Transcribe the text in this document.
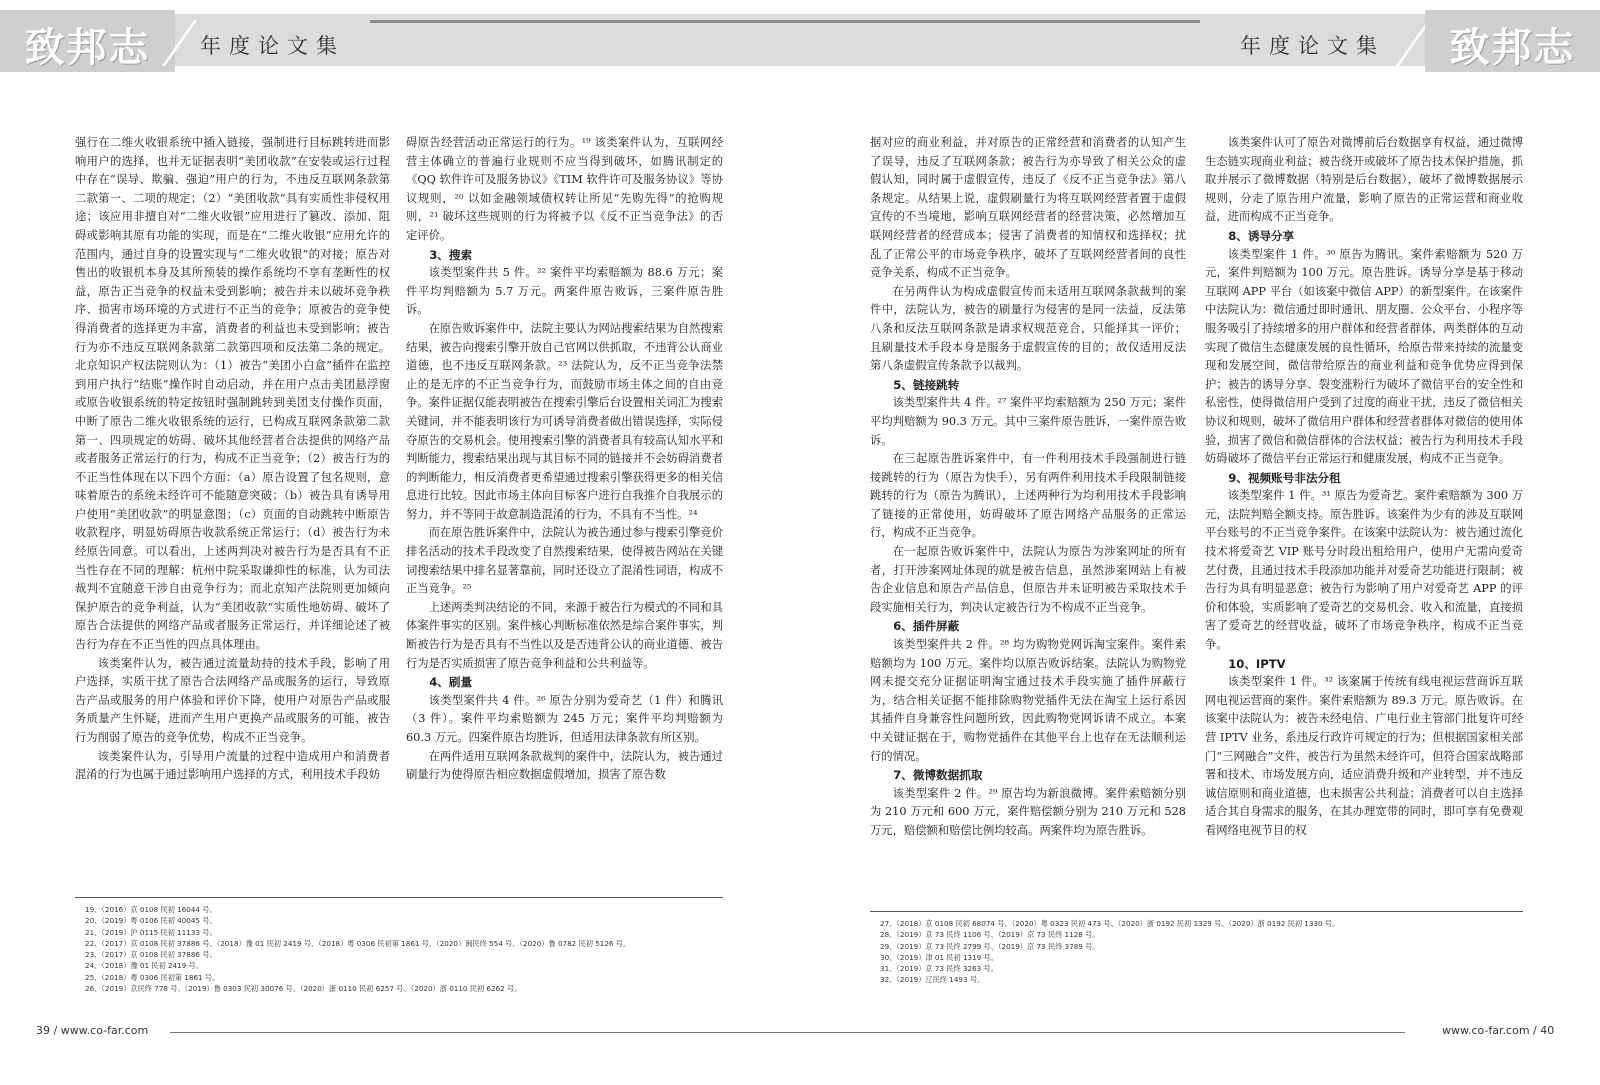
致邦志	年度论文集	年度论文集	致邦志

强行在二维火收银系统中插入链接，强制进行目标跳转进而影响用户的选择，也并无证据表明“美团收款”在安装或运行过程中存在“误导、欺骗、强迫”用户的行为，不违反互联网条款第二款第一、二项的规定；（2）“美团收款”具有实质性非侵权用途；该应用非擅自对“二维火收银”应用进行了篡改、添加、阻碍或影响其原有功能的实现，而是在“二维火收银”应用允许的范围内，通过自身的设置实现与“二维火收银”的对接；原告对售出的收银机本身及其所预装的操作系统均不享有垄断性的权益，原告正当竞争的权益未受到影响；被告并未以破坏竞争秩序、损害市场环境的方式进行不正当的竞争；原被告的竞争使得消费者的选择更为丰富，消费者的利益也未受到影响；被告行为亦不违反互联网条款第二款第四项和反法第二条的规定。北京知识产权法院则认为：（1）被告“美团小白盒”插件在监控到用户执行“结账”操作时自动启动，并在用户点击美团悬浮窗或原告收银系统的特定按钮时强制跳转到美团支付操作页面，中断了原告二维火收银系统的运行，已构成互联网条款第二款第一、四项规定的妨碍、破坏其他经营者合法提供的网络产品或者服务正常运行的行为，构成不正当竞争；（2）被告行为的不正当性体现在以下四个方面：（a）原告设置了包名规则，意味着原告的系统未经许可不能随意突破；（b）被告具有诱导用户使用“美团收款”的明显意图；（c）页面的自动跳转中断原告收款程序，明显妨碍原告收款系统正常运行；（d）被告行为未经原告同意。可以看出，上述两判决对被告行为是否具有不正当性存在不同的理解：杭州中院采取谦抑性的标准，认为司法裁判不宜随意干涉自由竞争行为；而北京知产法院则更加倾向保护原告的竞争利益，认为“美团收款”实质性地妨碍、破坏了原告合法提供的网络产品或者服务正常运行，并详细论述了被告行为存在不正当性的四点具体理由。

该类案件认为，被告通过流量劫持的技术手段，影响了用户选择，实质干扰了原告合法网络产品或服务的运行，导致原告产品或服务的用户体验和评价下降，使用户对原告产品或服务质量产生怀疑，进而产生用户更换产品或服务的可能，被告行为削弱了原告的竞争优势，构成不正当竞争。

该类案件认为，引导用户流量的过程中造成用户和消费者混淆的行为也属于通过影响用户选择的方式，利用技术手段妨

碍原告经营活动正常运行的行为。¹⁹ 该类案件认为，互联网经营主体确立的普遍行业规则不应当得到破坏，如腾讯制定的《QQ 软件许可及服务协议》《TIM 软件许可及服务协议》等协议规则，²⁰ 以如金融领域债权转让所见“先购先得”的抢购规则，²¹ 破坏这些规则的行为将被予以《反不正当竞争法》的否定评价。

3、搜索

该类型案件共 5 件。²² 案件平均索赔额为 88.6 万元；案件平均判赔额为 5.7 万元。两案件原告败诉，三案件原告胜诉。

在原告败诉案件中，法院主要认为网站搜索结果为自然搜索结果，被告向搜索引擎开放自己官网以供抓取，不违背公认商业道德，也不违反互联网条款。²³ 法院认为，反不正当竞争法禁止的是无序的不正当竞争行为，而鼓励市场主体之间的自由竞争。案件证据仅能表明被告在搜索引擎后台设置相关词汇为搜索关键词，并不能表明该行为可诱导消费者做出错误选择，实际侵夺原告的交易机会。使用搜索引擎的消费者具有较高认知水平和判断能力，搜索结果出现与其目标不同的链接并不会妨碍消费者的判断能力，相反消费者更希望通过搜索引擎获得更多的相关信息进行比较。因此市场主体向目标客户进行自我推介自我展示的努力，并不等同于故意制造混淆的行为，不具有不当性。²⁴

而在原告胜诉案件中，法院认为被告通过参与搜索引擎竞价排名活动的技术手段改变了自然搜索结果，使得被告网站在关键词搜索结果中排名显著靠前，同时还设立了混淆性词语，构成不正当竞争。²⁵

上述两类判决结论的不同，来源于被告行为模式的不同和具体案件事实的区别。案件核心判断标准依然是综合案件事实，判断被告行为是否具有不当性以及是否违背公认的商业道德、被告行为是否实质损害了原告竞争利益和公共利益等。

4、刷量

该类型案件共 4 件。²⁶ 原告分别为爱奇艺（1 件）和腾讯（3 件）。案件平均索赔额为 245 万元；案件平均判赔额为 60.3 万元。四案件原告均胜诉，但适用法律条款有所区别。

在两件适用互联网条款裁判的案件中，法院认为，被告通过刷量行为使得原告相应数据虚假增加，损害了原告数

据对应的商业利益，并对原告的正常经营和消费者的认知产生了误导，违反了互联网条款；被告行为亦导致了相关公众的虚假认知，同时属于虚假宣传，违反了《反不正当竞争法》第八条规定。从结果上说，虚假刷量行为将互联网经营者置于虚假宣传的不当境地，影响互联网经营者的经营决策，必然增加互联网经营者的经营成本；侵害了消费者的知情权和选择权；扰乱了正常公平的市场竞争秩序，破坏了互联网经营者间的良性竞争关系，构成不正当竞争。

在另两件认为构成虚假宣传而未适用互联网条款裁判的案件中，法院认为，被告的刷量行为侵害的是同一法益，反法第八条和反法互联网条款是请求权规范竞合，只能择其一评价；且刷量技术手段本身是服务于虚假宣传的目的；故仅适用反法第八条虚假宣传条款予以裁判。

5、链接跳转

该类型案件共 4 件。²⁷ 案件平均索赔额为 250 万元；案件平均判赔额为 90.3 万元。其中三案件原告胜诉，一案件原告败诉。

在三起原告胜诉案件中，有一件利用技术手段强制进行链接跳转的行为（原告为快手），另有两件利用技术手段限制链接跳转的行为（原告为腾讯），上述两种行为均利用技术手段影响了链接的正常使用，妨碍破坏了原告网络产品服务的正常运行，构成不正当竞争。

在一起原告败诉案件中，法院认为原告为涉案网址的所有者，打开涉案网址体现的就是被告信息，虽然涉案网站上有被告企业信息和原告产品信息，但原告并未证明被告采取技术手段实施相关行为，判决认定被告行为不构成不正当竞争。

6、插件屏蔽

该类型案件共 2 件。²⁸ 均为购物党网诉淘宝案件。案件索赔额均为 100 万元。案件均以原告败诉结案。法院认为购物党网未提交充分证据证明淘宝通过技术手段实施了插件屏蔽行为，结合相关证据不能排除购物党插件无法在淘宝上运行系因其插件自身兼容性问题所致，因此购物党网诉请不成立。本案中关键证据在于，购物党插件在其他平台上也存在无法顺利运行的情况。

7、微博数据抓取

该类型案件 2 件。²⁹ 原告均为新浪微博。案件索赔额分别为 210 万元和 600 万元，案件赔偿额分别为 210 万元和 528 万元，赔偿额和赔偿比例均较高。两案件均为原告胜诉。

该类案件认可了原告对微博前后台数据享有权益，通过微博生态链实现商业利益；被告绕开或破坏了原告技术保护措施，抓取并展示了微博数据（特别是后台数据），破坏了微博数据展示规则，分走了原告用户流量，影响了原告的正常运营和商业收益，进而构成不正当竞争。

8、诱导分享

该类型案件 1 件。³⁰ 原告为腾讯。案件索赔额为 520 万元，案件判赔额为 100 万元。原告胜诉。诱导分享是基于移动互联网 APP 平台（如该案中微信 APP）的新型案件。在该案件中法院认为：微信通过即时通讯、朋友圈、公众平台、小程序等服务吸引了持续增多的用户群体和经营者群体，两类群体的互动实现了微信生态健康发展的良性循环，给原告带来持续的流量变现和发展空间，微信带给原告的商业利益和竞争优势应得到保护；被告的诱导分享、裂变涨粉行为破坏了微信平台的安全性和私密性，使得微信用户受到了过度的商业干扰，违反了微信相关协议和规则，破坏了微信用户群体和经营者群体对微信的使用体验，损害了微信和微信群体的合法权益；被告行为利用技术手段妨碍破坏了微信平台正常运行和健康发展，构成不正当竞争。

9、视频账号非法分租

该类型案件 1 件。³¹ 原告为爱奇艺。案件索赔额为 300 万元，法院判赔全额支持。原告胜诉。该案件为少有的涉及互联网平台账号的不正当竞争案件。在该案中法院认为：被告通过流化技术将爱奇艺 VIP 账号分时段出租给用户，使用户无需向爱奇艺付费，且通过技术手段添加功能并对爱奇艺功能进行限制；被告行为具有明显恶意；被告行为影响了用户对爱奇艺 APP 的评价和体验，实质影响了爱奇艺的交易机会、收入和流量，直接损害了爱奇艺的经营收益，破坏了市场竞争秩序，构成不正当竞争。

10、IPTV

该类型案件 1 件。³² 该案属于传统有线电视运营商诉互联网电视运营商的案件。案件索赔额为 89.3 万元。原告败诉。在该案中法院认为：被告未经电信、广电行业主管部门批复许可经营 IPTV 业务，系违反行政许可规定的行为；但根据国家相关部门“三网融合”文件，被告行为虽然未经许可，但符合国家战略部署和技术、市场发展方向，适应消费升级和产业转型，并不违反诚信原则和商业道德，也未损害公共利益；消费者可以自主选择适合其自身需求的服务，在其办理宽带的同时，即可享有免费观看网络电视节目的权

19、（2016）京 0108 民初 16044 号。
20、（2019）粤 0106 民初 40045 号。
21、（2019）沪 0115 民初 11133 号。
22、（2017）京 0108 民初 37886 号、（2018）豫 01 民初 2419 号、（2018）粤 0306 民初第 1861 号、（2020）闽民终 554 号、（2020）鲁 0782 民初 5126 号。
23、（2017）京 0108 民初 37886 号。
24、（2018）豫 01 民初 2419 号。
25、（2018）粤 0306 民初第 1861 号。
26、（2019）京民终 778 号、（2019）鲁 0303 民初 30076 号、（2020）浙 0110 民初 6257 号、（2020）浙 0110 民初 6262 号。
27、（2018）京 0108 民初 68074 号、（2020）粤 0323 民初 473 号、（2020）浙 0192 民初 1329 号、（2020）浙 0192 民初 1330 号。
28、（2019）京 73 民终 1106 号、（2019）京 73 民终 1128 号。
29、（2019）京 73 民终 2799 号、（2019）京 73 民终 3789 号。
30、（2019）津 01 民初 1319 号。
31、（2019）京 73 民终 3263 号。
32、（2019）辽民终 1493 号。
39 / www.co-far.com	www.co-far.com / 40
